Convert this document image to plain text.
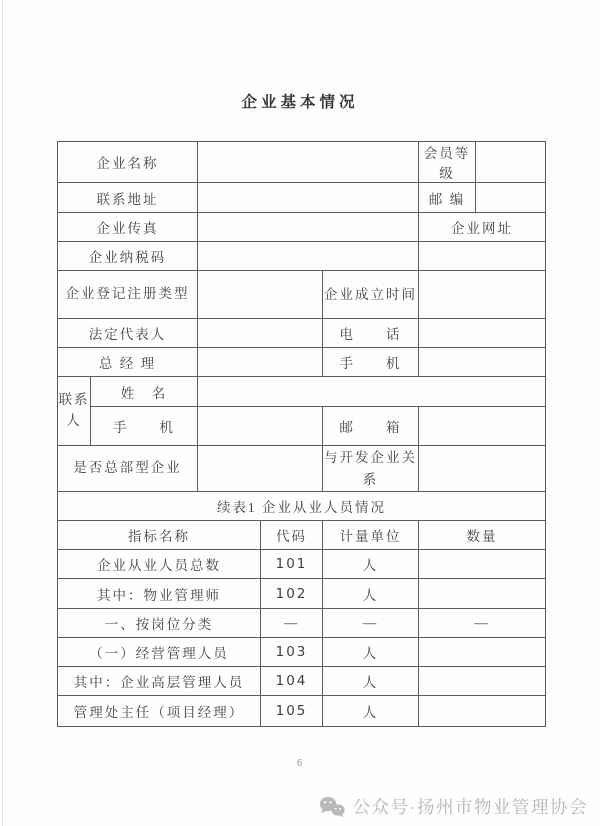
企业基本情况
企业名称					会员等级	
联系地址					邮 编	
企业传真					企业网址	
企业纳税码						
企业登记注册类型				企业成立时间		
法定代表人				电　　话		
总 经 理				手　　机		
联系人	姓　名					
	手　　机			邮　　箱		
是否总部型企业				与开发企业关系		
续表1 企业从业人员情况						
指标名称			代码	计量单位	数量	
企业从业人员总数			101	人		
其中：物业管理师			102	人		
一、按岗位分类			—	—	—	
（一）经营管理人员			103	人		
其中：企业高层管理人员			104	人		
管理处主任（项目经理）			105	人		
6
公众号·扬州市物业管理协会
